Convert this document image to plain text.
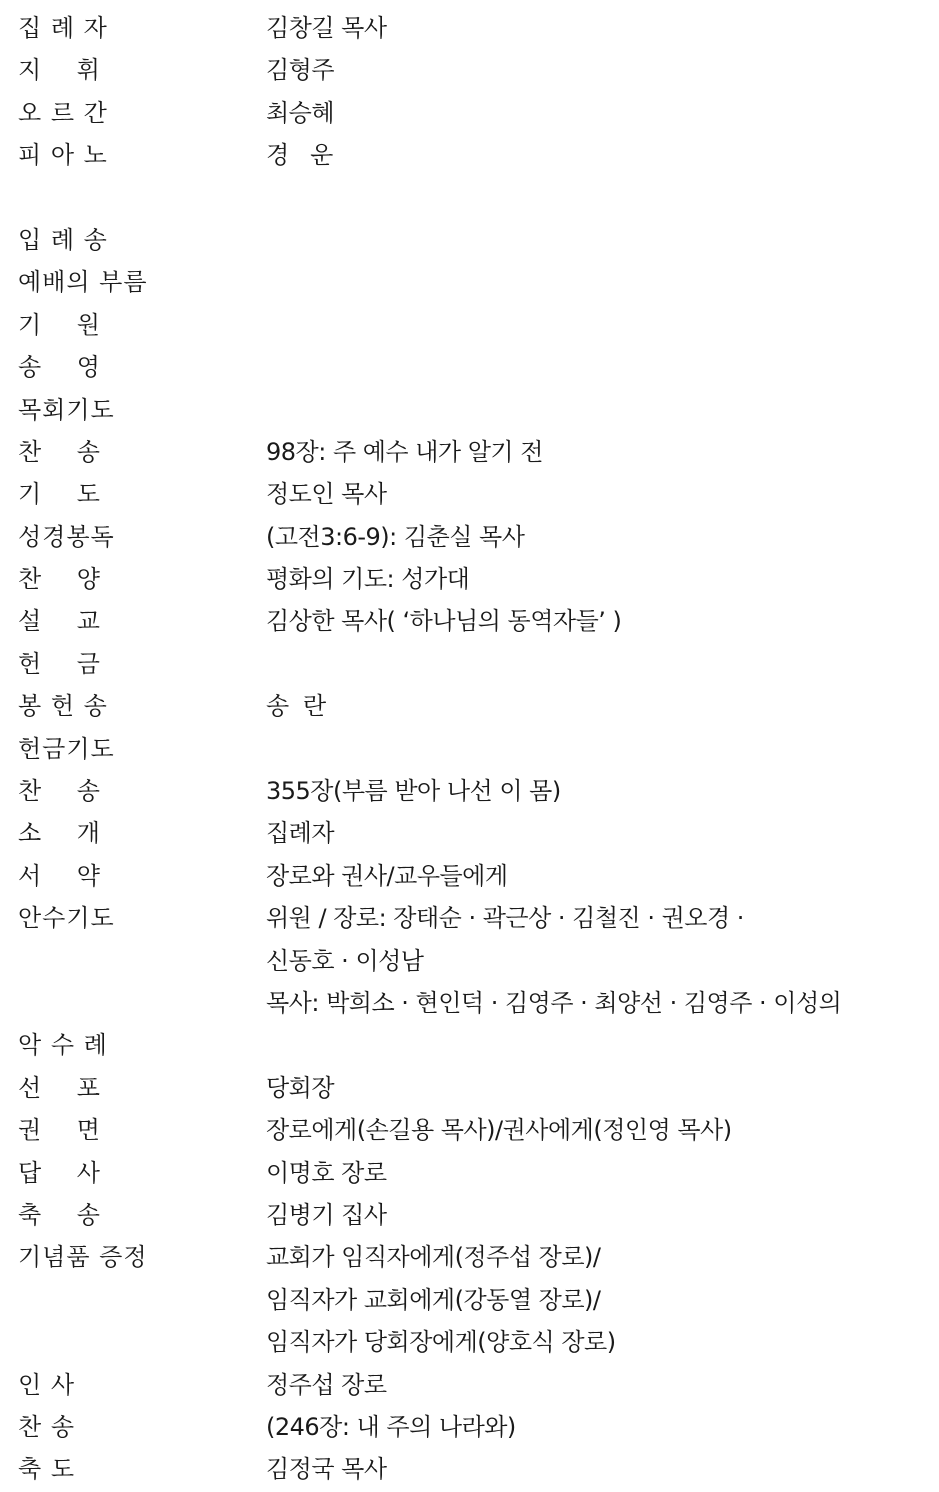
집 례 자	김창길 목사
지    휘	김형주
오 르 간	최승혜
피 아 노	경   운
입 례 송
예배의 부름
기    원
송    영
목회기도
찬    송	98장: 주 예수 내가 알기 전
기    도	정도인 목사
성경봉독	(고전3:6-9): 김춘실 목사
찬    양	평화의 기도: 성가대
설    교	김상한 목사( ‘하나님의 동역자들’ )
헌    금
봉 헌 송	송  란
헌금기도
찬    송	355장(부름 받아 나선 이 몸)
소    개	집례자
서    약	장로와 권사/교우들에게
안수기도	위원 / 장로: 장태순 · 곽근상 · 김철진 · 권오경 ·
신동호 · 이성남
목사: 박희소 · 현인덕 · 김영주 · 최양선 · 김영주 · 이성의
악 수 례
선    포	당회장
권    면	장로에게(손길용 목사)/권사에게(정인영 목사)
답    사	이명호 장로
축    송	김병기 집사
기념품 증정	교회가 임직자에게(정주섭 장로)/
임직자가 교회에게(강동열 장로)/
임직자가 당회장에게(양호식 장로)
인 사	정주섭 장로
찬 송	(246장: 내 주의 나라와)
축 도	김정국 목사
